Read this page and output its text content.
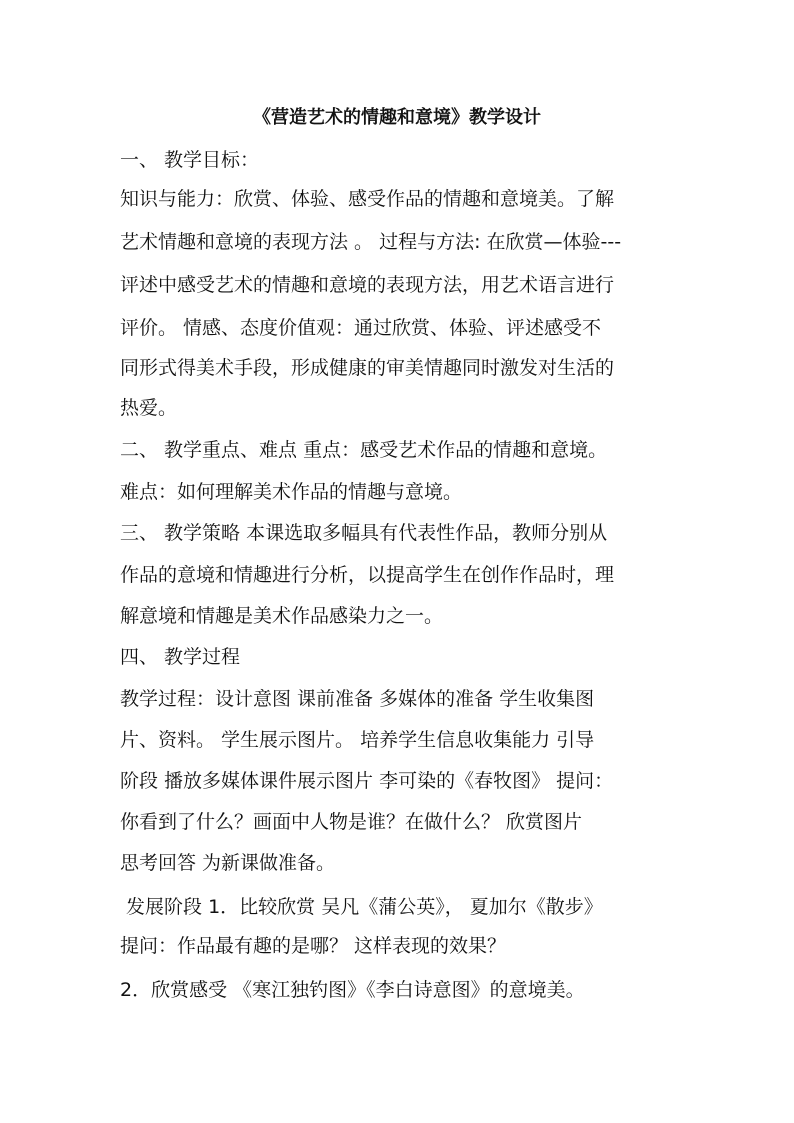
《营造艺术的情趣和意境》教学设计
一、 教学目标：
知识与能力：欣赏、体验、感受作品的情趣和意境美。了解
艺术情趣和意境的表现方法 。 过程与方法: 在欣赏—体验---
评述中感受艺术的情趣和意境的表现方法，用艺术语言进行
评价。 情感、态度价值观：通过欣赏、体验、评述感受不
同形式得美术手段，形成健康的审美情趣同时激发对生活的
热爱。
二、 教学重点、难点 重点：感受艺术作品的情趣和意境。
难点：如何理解美术作品的情趣与意境。
三、 教学策略 本课选取多幅具有代表性作品，教师分别从
作品的意境和情趣进行分析，以提高学生在创作作品时，理
解意境和情趣是美术作品感染力之一。
四、 教学过程
教学过程：设计意图 课前准备 多媒体的准备 学生收集图
片、资料。 学生展示图片。 培养学生信息收集能力 引导
阶段 播放多媒体课件展示图片 李可染的《春牧图》 提问：
你看到了什么？画面中人物是谁？在做什么？ 欣赏图片
思考回答 为新课做准备。
发展阶段 1．比较欣赏 吴凡《蒲公英》， 夏加尔《散步》
提问：作品最有趣的是哪？ 这样表现的效果？
2．欣赏感受 《寒江独钓图》《李白诗意图》的意境美。
